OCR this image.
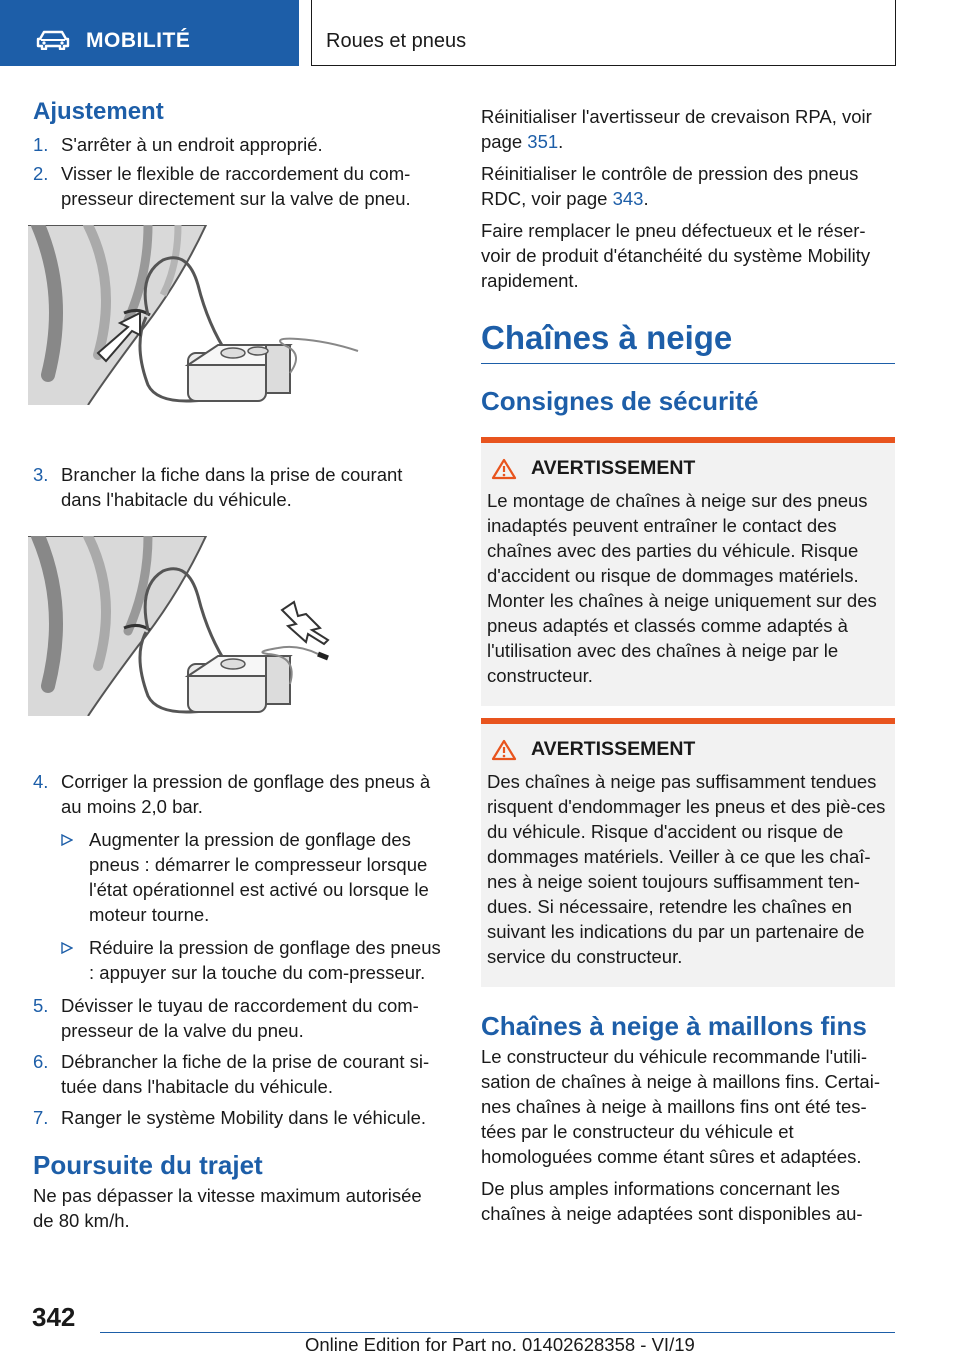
MOBILITÉ	Roues et pneus
Ajustement
1. S'arrêter à un endroit approprié.
2. Visser le flexible de raccordement du com-presseur directement sur la valve de pneu.
3. Brancher la fiche dans la prise de courant dans l'habitacle du véhicule.
4. Corriger la pression de gonflage des pneus à au moins 2,0 bar.
Augmenter la pression de gonflage des pneus : démarrer le compresseur lorsque l'état opérationnel est activé ou lorsque le moteur tourne.
Réduire la pression de gonflage des pneus : appuyer sur la touche du com-presseur.
5. Dévisser le tuyau de raccordement du com-presseur de la valve du pneu.
6. Débrancher la fiche de la prise de courant si-tuée dans l'habitacle du véhicule.
7. Ranger le système Mobility dans le véhicule.
Poursuite du trajet
Ne pas dépasser la vitesse maximum autorisée de 80 km/h.
Réinitialiser l'avertisseur de crevaison RPA, voir page 351.
Réinitialiser le contrôle de pression des pneus RDC, voir page 343.
Faire remplacer le pneu défectueux et le réser-voir de produit d'étanchéité du système Mobility rapidement.
Chaînes à neige
Consignes de sécurité
AVERTISSEMENT
Le montage de chaînes à neige sur des pneus inadaptés peuvent entraîner le contact des chaînes avec des parties du véhicule. Risque d'accident ou risque de dommages matériels. Monter les chaînes à neige uniquement sur des pneus adaptés et classés comme adaptés à l'utilisation avec des chaînes à neige par le constructeur.
AVERTISSEMENT
Des chaînes à neige pas suffisamment tendues risquent d'endommager les pneus et des piè-ces du véhicule. Risque d'accident ou risque de dommages matériels. Veiller à ce que les chaî-nes à neige soient toujours suffisamment ten-dues. Si nécessaire, retendre les chaînes en suivant les indications du par un partenaire de service du constructeur.
Chaînes à neige à maillons fins
Le constructeur du véhicule recommande l'utili-sation de chaînes à neige à maillons fins. Certai-nes chaînes à neige à maillons fins ont été tes-tées par le constructeur du véhicule et homologuées comme étant sûres et adaptées.
De plus amples informations concernant les chaînes à neige adaptées sont disponibles au-
342
Online Edition for Part no. 01402628358 - VI/19
